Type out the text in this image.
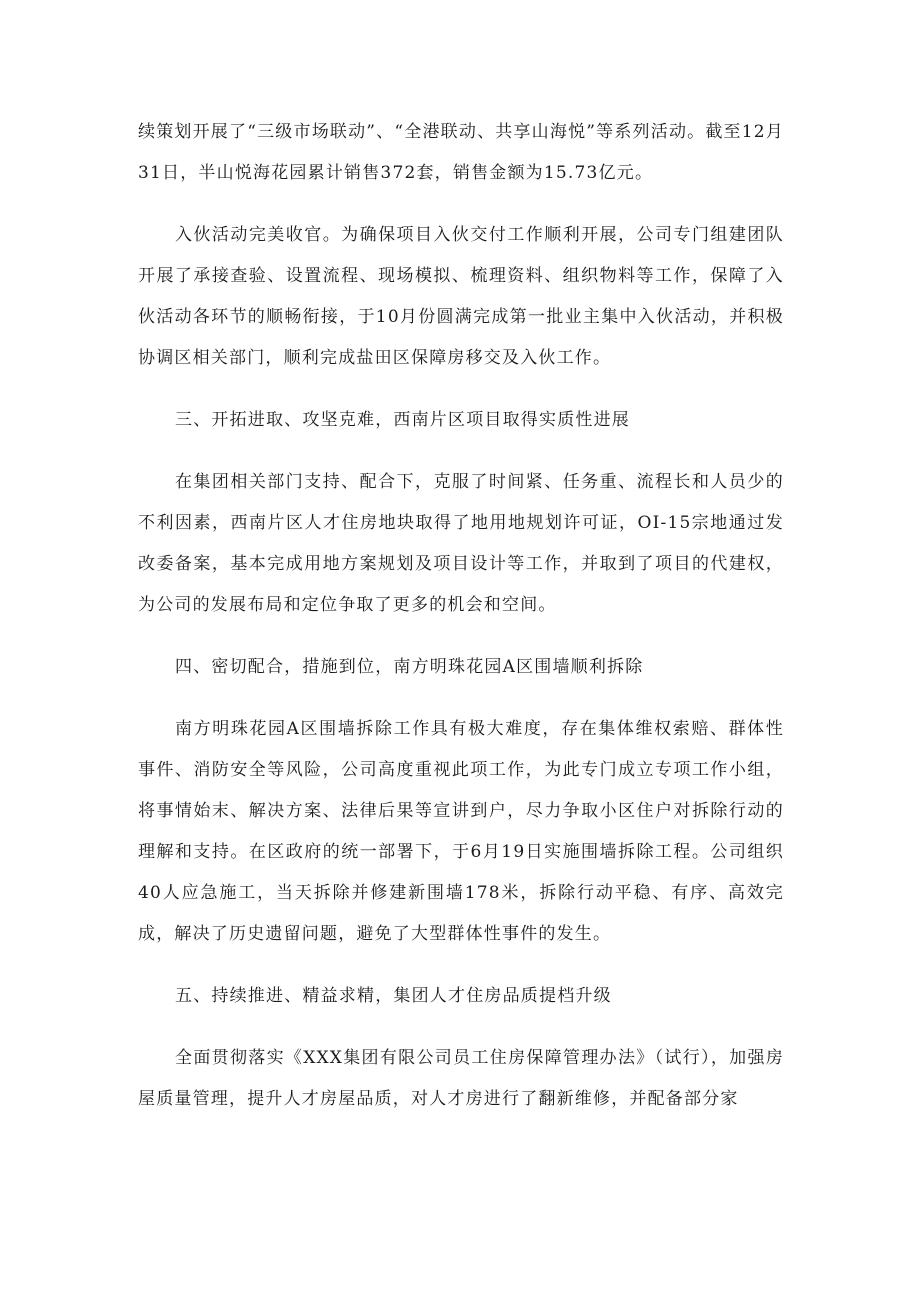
续策划开展了“三级市场联动”、“全港联动、共享山海悦”等系列活动。截至12月31日，半山悦海花园累计销售372套，销售金额为15.73亿元。

入伙活动完美收官。为确保项目入伙交付工作顺利开展，公司专门组建团队开展了承接查验、设置流程、现场模拟、梳理资料、组织物料等工作，保障了入伙活动各环节的顺畅衔接，于10月份圆满完成第一批业主集中入伙活动，并积极协调区相关部门，顺利完成盐田区保障房移交及入伙工作。

三、开拓进取、攻坚克难，西南片区项目取得实质性进展

在集团相关部门支持、配合下，克服了时间紧、任务重、流程长和人员少的不利因素，西南片区人才住房地块取得了地用地规划许可证，OI-15宗地通过发改委备案，基本完成用地方案规划及项目设计等工作，并取到了项目的代建权，为公司的发展布局和定位争取了更多的机会和空间。

四、密切配合，措施到位，南方明珠花园A区围墙顺利拆除

南方明珠花园A区围墙拆除工作具有极大难度，存在集体维权索赔、群体性事件、消防安全等风险，公司高度重视此项工作，为此专门成立专项工作小组，将事情始末、解决方案、法律后果等宣讲到户，尽力争取小区住户对拆除行动的理解和支持。在区政府的统一部署下，于6月19日实施围墙拆除工程。公司组织40人应急施工，当天拆除并修建新围墙178米，拆除行动平稳、有序、高效完成，解决了历史遗留问题，避免了大型群体性事件的发生。

五、持续推进、精益求精，集团人才住房品质提档升级

全面贯彻落实《XXX集团有限公司员工住房保障管理办法》（试行），加强房屋质量管理，提升人才房屋品质，对人才房进行了翻新维修，并配备部分家
